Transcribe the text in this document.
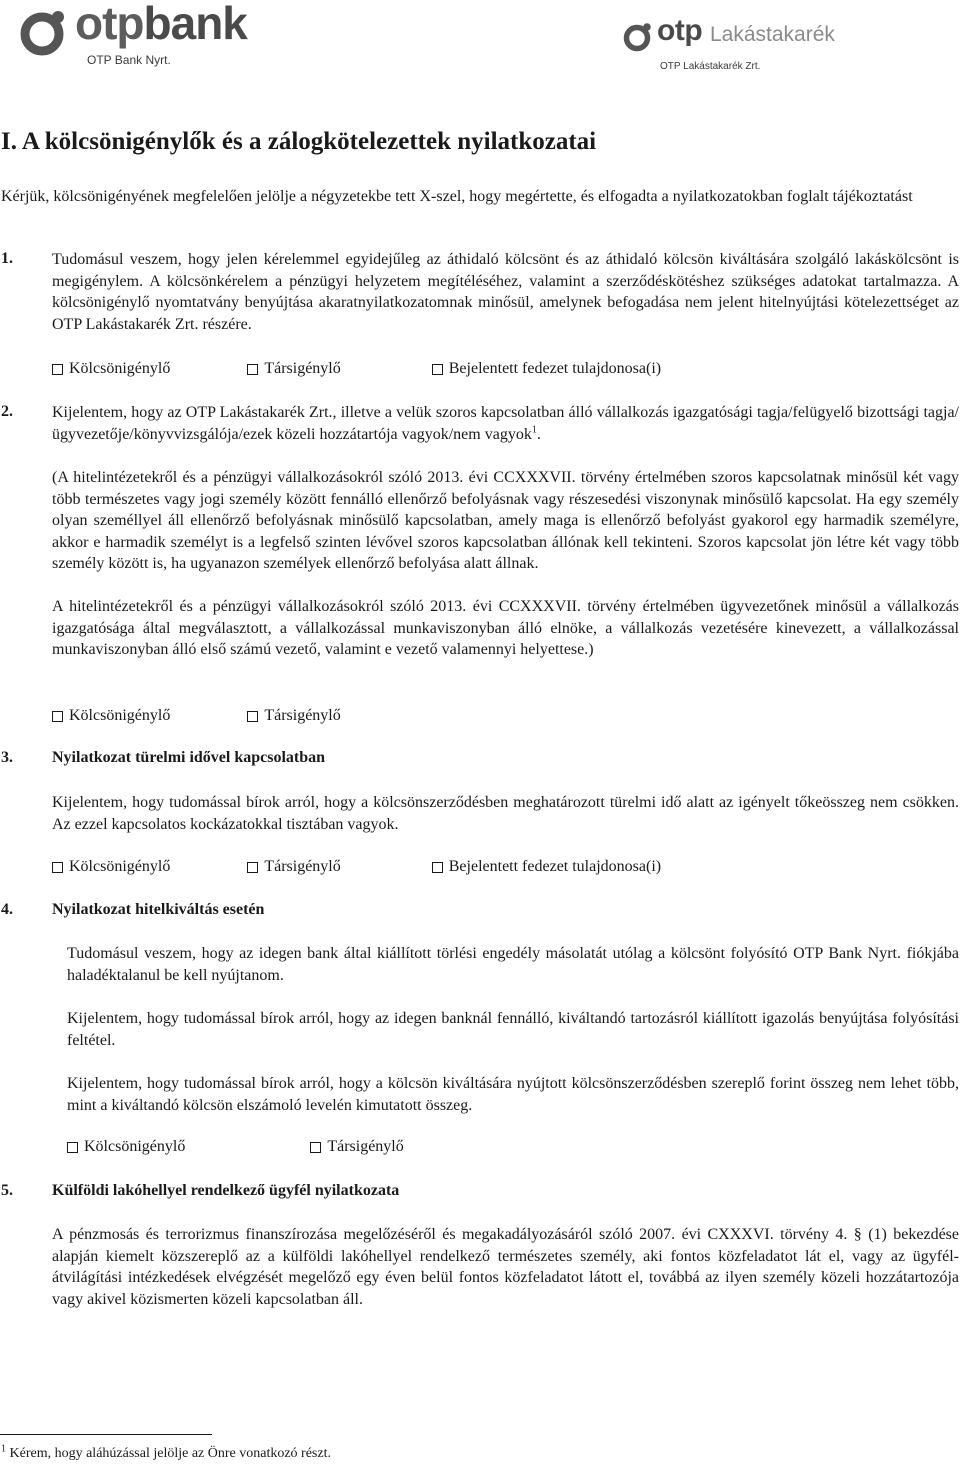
otpbank
OTP Bank Nyrt.
otp Lakástakarék
OTP Lakástakarék Zrt.
I. A kölcsönigénylők és a zálogkötelezettek nyilatkozatai
Kérjük, kölcsönigényének megfelelően jelölje a négyzetekbe tett X-szel, hogy megértette, és elfogadta a nyilatkozatokban foglalt tájékoztatást
1. Tudomásul veszem, hogy jelen kérelemmel egyidejűleg az áthidaló kölcsönt és az áthidaló kölcsön kiváltására szolgáló lakáskölcsönt is megigénylem. A kölcsönkérelem a pénzügyi helyzetem megítéléséhez, valamint a szerződéskötéshez szükséges adatokat tartalmazza. A kölcsönigénylő nyomtatvány benyújtása akaratnyilatkozatomnak minősül, amelynek befogadása nem jelent hitelnyújtási kötelezettséget az OTP Lakástakarék Zrt. részére.
Kölcsönigénylő	Társigénylő	Bejelentett fedezet tulajdonosa(i)
2. Kijelentem, hogy az OTP Lakástakarék Zrt., illetve a velük szoros kapcsolatban álló vállalkozás igazgatósági tagja/felügyelő bizottsági tagja/ügyvezetője/könyvvizsgálója/ezek közeli hozzátartója vagyok/nem vagyok$^1$.
(A hitelintézetekről és a pénzügyi vállalkozásokról szóló 2013. évi CCXXXVII. törvény értelmében szoros kapcsolatnak minősül két vagy több természetes vagy jogi személy között fennálló ellenőrző befolyásnak vagy részesedési viszonynak minősülő kapcsolat. Ha egy személy olyan személlyel áll ellenőrző befolyásnak minősülő kapcsolatban, amely maga is ellenőrző befolyást gyakorol egy harmadik személyre, akkor e harmadik személyt is a legfelső szinten lévővel szoros kapcsolatban állónak kell tekinteni. Szoros kapcsolat jön létre két vagy több személy között is, ha ugyanazon személyek ellenőrző befolyása alatt állnak.
A hitelintézetekről és a pénzügyi vállalkozásokról szóló 2013. évi CCXXXVII. törvény értelmében ügyvezetőnek minősül a vállalkozás igazgatósága által megválasztott, a vállalkozással munkaviszonyban álló elnöke, a vállalkozás vezetésére kinevezett, a vállalkozással munkaviszonyban álló első számú vezető, valamint e vezető valamennyi helyettese.)
Kölcsönigénylő	Társigénylő
3. Nyilatkozat türelmi idővel kapcsolatban
Kijelentem, hogy tudomással bírok arról, hogy a kölcsönszerződésben meghatározott türelmi idő alatt az igényelt tőkeösszeg nem csökken. Az ezzel kapcsolatos kockázatokkal tisztában vagyok.
Kölcsönigénylő	Társigénylő	Bejelentett fedezet tulajdonosa(i)
4. Nyilatkozat hitelkiváltás esetén
Tudomásul veszem, hogy az idegen bank által kiállított törlési engedély másolatát utólag a kölcsönt folyósító OTP Bank Nyrt. fiókjába haladéktalanul be kell nyújtanom.
Kijelentem, hogy tudomással bírok arról, hogy az idegen banknál fennálló, kiváltandó tartozásról kiállított igazolás benyújtása folyósítási feltétel.
Kijelentem, hogy tudomással bírok arról, hogy a kölcsön kiváltására nyújtott kölcsönszerződésben szereplő forint összeg nem lehet több, mint a kiváltandó kölcsön elszámoló levelén kimutatott összeg.
Kölcsönigénylő	Társigénylő
5. Külföldi lakóhellyel rendelkező ügyfél nyilatkozata
A pénzmosás és terrorizmus finanszírozása megelőzéséről és megakadályozásáról szóló 2007. évi CXXXVI. törvény 4. § (1) bekezdése alapján kiemelt közszereplő az a külföldi lakóhellyel rendelkező természetes személy, aki fontos közfeladatot lát el, vagy az ügyfél-átvilágítási intézkedések elvégzését megelőző egy éven belül fontos közfeladatot látott el, továbbá az ilyen személy közeli hozzátartozója vagy akivel közismerten közeli kapcsolatban áll.
$^1$ Kérem, hogy aláhúzással jelölje az Önre vonatkozó részt.
